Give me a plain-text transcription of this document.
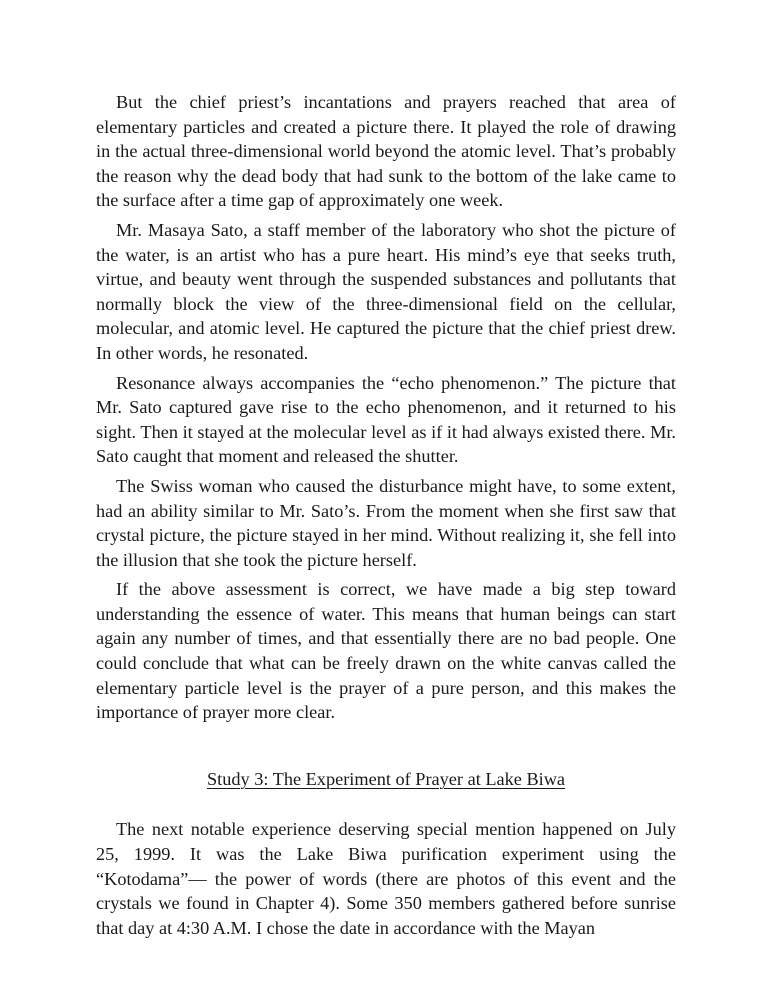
But the chief priest’s incantations and prayers reached that area of elementary particles and created a picture there. It played the role of drawing in the actual three-dimensional world beyond the atomic level. That’s probably the reason why the dead body that had sunk to the bottom of the lake came to the surface after a time gap of approximately one week.

Mr. Masaya Sato, a staff member of the laboratory who shot the picture of the water, is an artist who has a pure heart. His mind’s eye that seeks truth, virtue, and beauty went through the suspended substances and pollutants that normally block the view of the three-dimensional field on the cellular, molecular, and atomic level. He captured the picture that the chief priest drew. In other words, he resonated.

Resonance always accompanies the “echo phenomenon.” The picture that Mr. Sato captured gave rise to the echo phenomenon, and it returned to his sight. Then it stayed at the molecular level as if it had always existed there. Mr. Sato caught that moment and released the shutter.

The Swiss woman who caused the disturbance might have, to some extent, had an ability similar to Mr. Sato’s. From the moment when she first saw that crystal picture, the picture stayed in her mind. Without realizing it, she fell into the illusion that she took the picture herself.

If the above assessment is correct, we have made a big step toward understanding the essence of water. This means that human beings can start again any number of times, and that essentially there are no bad people. One could conclude that what can be freely drawn on the white canvas called the elementary particle level is the prayer of a pure person, and this makes the importance of prayer more clear.

Study 3: The Experiment of Prayer at Lake Biwa

The next notable experience deserving special mention happened on July 25, 1999. It was the Lake Biwa purification experiment using the “Kotodama”— the power of words (there are photos of this event and the crystals we found in Chapter 4). Some 350 members gathered before sunrise that day at 4:30 A.M. I chose the date in accordance with the Mayan
